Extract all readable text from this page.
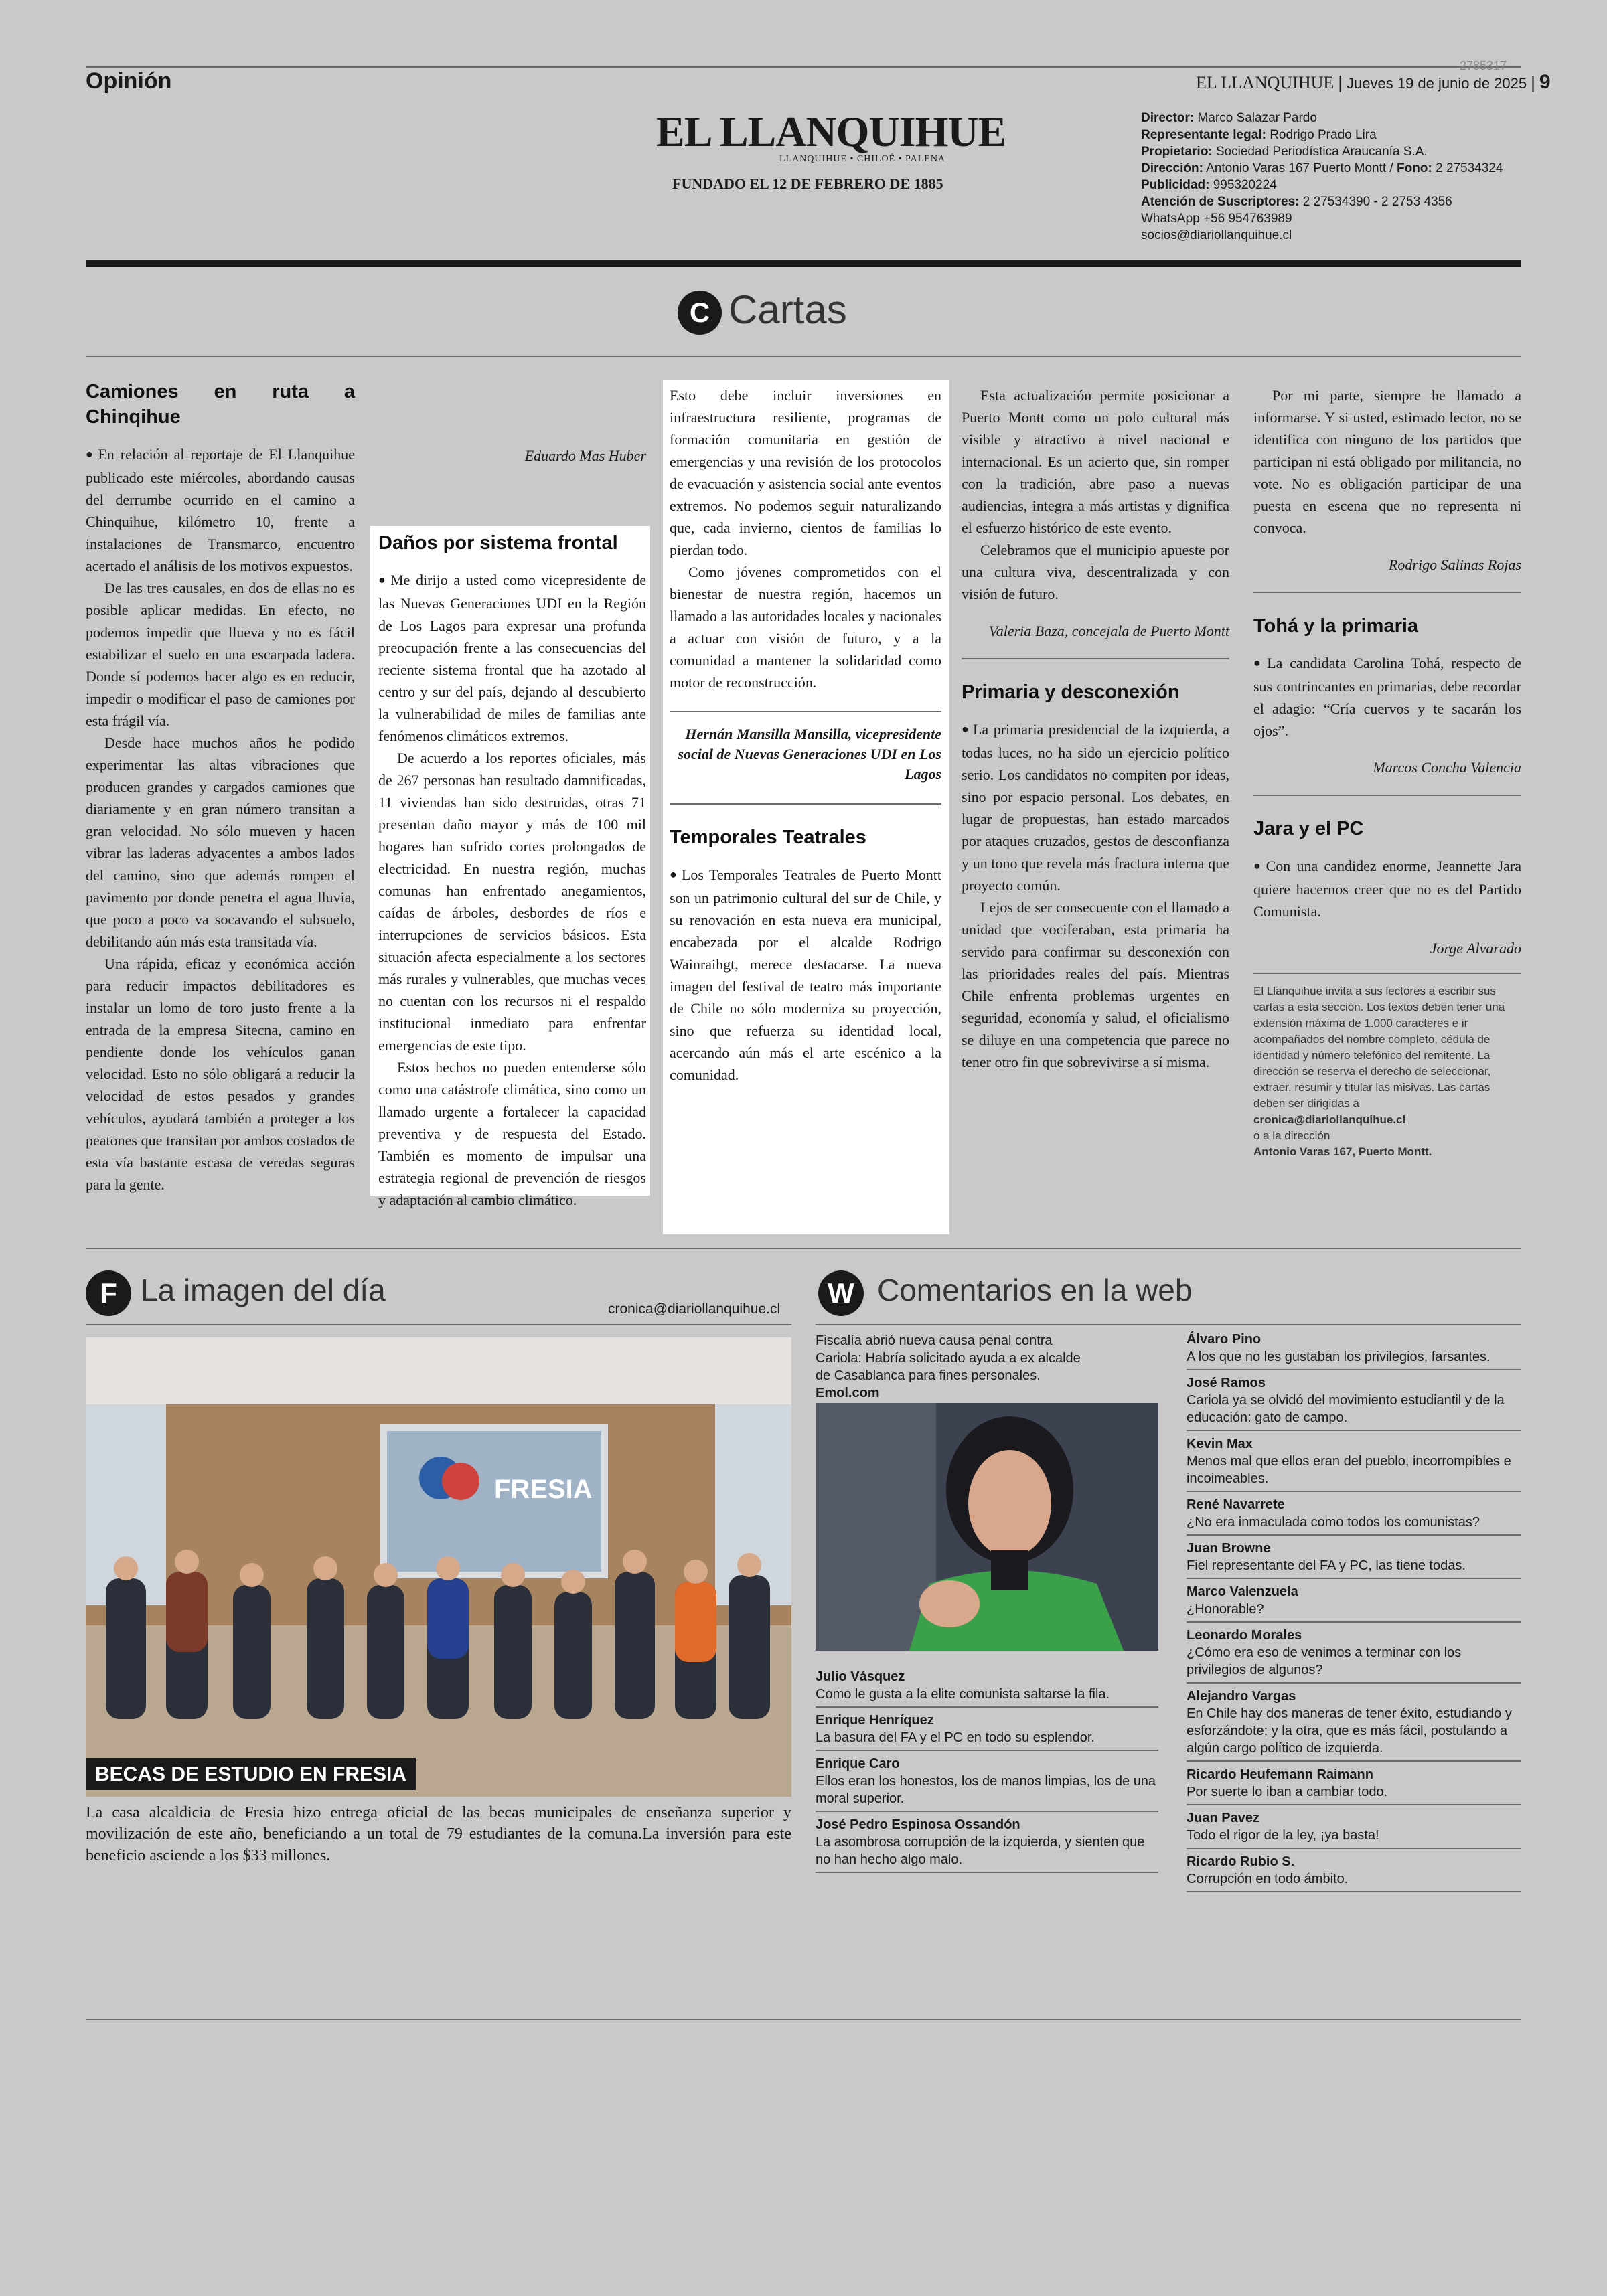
Opinión
2785317
EL LLANQUIHUE | Jueves 19 de junio de 2025 | 9
EL LLANQUIHUE
LLANQUIHUE • CHILOÉ • PALENA
FUNDADO EL 12 DE FEBRERO DE 1885
Director: Marco Salazar Pardo
Representante legal: Rodrigo Prado Lira
Propietario: Sociedad Periodística Araucanía S.A.
Dirección: Antonio Varas 167 Puerto Montt / Fono: 2 27534324
Publicidad: 995320224
Atención de Suscriptores: 2 27534390 - 2 2753 4356
WhatsApp +56 954763989
socios@diariollanquihue.cl
C Cartas
Camiones en ruta a Chinqihue

● En relación al reportaje de El Llanquihue publicado este miércoles, abordando causas del derrumbe ocurrido en el camino a Chinquihue, kilómetro 10, frente a instalaciones de Transmarco, encuentro acertado el análisis de los motivos expuestos.

De las tres causales, en dos de ellas no es posible aplicar medidas. En efecto, no podemos impedir que llueva y no es fácil estabilizar el suelo en una escarpada ladera. Donde sí podemos hacer algo es en reducir, impedir o modificar el paso de camiones por esta frágil vía.

Desde hace muchos años he podido experimentar las altas vibraciones que producen grandes y cargados camiones que diariamente y en gran número transitan a gran velocidad. No sólo mueven y hacen vibrar las laderas adyacentes a ambos lados del camino, sino que además rompen el pavimento por donde penetra el agua lluvia, que poco a poco va socavando el subsuelo, debilitando aún más esta transitada vía.

Una rápida, eficaz y económica acción para reducir impactos debilitadores es instalar un lomo de toro justo frente a la entrada de la empresa Sitecna, camino en pendiente donde los vehículos ganan velocidad. Esto no sólo obligará a reducir la velocidad de estos pesados y grandes vehículos, ayudará también a proteger a los peatones que transitan por ambos costados de esta vía bastante escasa de veredas seguras para la gente.

Eduardo Mas Huber
Daños por sistema frontal

● Me dirijo a usted como vicepresidente de las Nuevas Generaciones UDI en la Región de Los Lagos para expresar una profunda preocupación frente a las consecuencias del reciente sistema frontal que ha azotado al centro y sur del país, dejando al descubierto la vulnerabilidad de miles de familias ante fenómenos climáticos extremos.

De acuerdo a los reportes oficiales, más de 267 personas han resultado damnificadas, 11 viviendas han sido destruidas, otras 71 presentan daño mayor y más de 100 mil hogares han sufrido cortes prolongados de electricidad. En nuestra región, muchas comunas han enfrentado anegamientos, caídas de árboles, desbordes de ríos e interrupciones de servicios básicos. Esta situación afecta especialmente a los sectores más rurales y vulnerables, que muchas veces no cuentan con los recursos ni el respaldo institucional inmediato para enfrentar emergencias de este tipo.

Estos hechos no pueden entenderse sólo como una catástrofe climática, sino como un llamado urgente a fortalecer la capacidad preventiva y de respuesta del Estado. También es momento de impulsar una estrategia regional de prevención de riesgos y adaptación al cambio climático.

Esto debe incluir inversiones en infraestructura resiliente, programas de formación comunitaria en gestión de emergencias y una revisión de los protocolos de evacuación y asistencia social ante eventos extremos. No podemos seguir naturalizando que, cada invierno, cientos de familias lo pierdan todo.

Como jóvenes comprometidos con el bienestar de nuestra región, hacemos un llamado a las autoridades locales y nacionales a actuar con visión de futuro, y a la comunidad a mantener la solidaridad como motor de reconstrucción.

Hernán Mansilla Mansilla, vicepresidente social de Nuevas Generaciones UDI en Los Lagos
Temporales Teatrales

● Los Temporales Teatrales de Puerto Montt son un patrimonio cultural del sur de Chile, y su renovación en esta nueva era municipal, encabezada por el alcalde Rodrigo Wainraihgt, merece destacarse. La nueva imagen del festival de teatro más importante de Chile no sólo moderniza su proyección, sino que refuerza su identidad local, acercando aún más el arte escénico a la comunidad.

Esta actualización permite posicionar a Puerto Montt como un polo cultural más visible y atractivo a nivel nacional e internacional. Es un acierto que, sin romper con la tradición, abre paso a nuevas audiencias, integra a más artistas y dignifica el esfuerzo histórico de este evento.

Celebramos que el municipio apueste por una cultura viva, descentralizada y con visión de futuro.

Valeria Baza, concejala de Puerto Montt
Primaria y desconexión

● La primaria presidencial de la izquierda, a todas luces, no ha sido un ejercicio político serio. Los candidatos no compiten por ideas, sino por espacio personal. Los debates, en lugar de propuestas, han estado marcados por ataques cruzados, gestos de desconfianza y un tono que revela más fractura interna que proyecto común.

Lejos de ser consecuente con el llamado a unidad que vociferaban, esta primaria ha servido para confirmar su desconexión con las prioridades reales del país. Mientras Chile enfrenta problemas urgentes en seguridad, economía y salud, el oficialismo se diluye en una competencia que parece no tener otro fin que sobrevivirse a sí misma.

Por mi parte, siempre he llamado a informarse. Y si usted, estimado lector, no se identifica con ninguno de los partidos que participan ni está obligado por militancia, no vote. No es obligación participar de una puesta en escena que no representa ni convoca.

Rodrigo Salinas Rojas
Tohá y la primaria

● La candidata Carolina Tohá, respecto de sus contrincantes en primarias, debe recordar el adagio: “Cría cuervos y te sacarán los ojos”.

Marcos Concha Valencia
Jara y el PC

● Con una candidez enorme, Jeannette Jara quiere hacernos creer que no es del Partido Comunista.

Jorge Alvarado
El Llanquihue invita a sus lectores a escribir sus cartas a esta sección. Los textos deben tener una extensión máxima de 1.000 caracteres e ir acompañados del nombre completo, cédula de identidad y número telefónico del remitente. La dirección se reserva el derecho de seleccionar, extraer, resumir y titular las misivas. Las cartas deben ser dirigidas a
cronica@diariollanquihue.cl
o a la dirección
Antonio Varas 167, Puerto Montt.
F La imagen del día
cronica@diariollanquihue.cl
FRESIA
BECAS DE ESTUDIO EN FRESIA
La casa alcaldicia de Fresia hizo entrega oficial de las becas municipales de enseñanza superior y movilización de este año, beneficiando a un total de 79 estudiantes de la comuna.La inversión para este beneficio asciende a los $33 millones.
W Comentarios en la web
Fiscalía abrió nueva causa penal contra Cariola: Habría solicitado ayuda a ex alcalde de Casablanca para fines personales. Emol.com
Julio Vásquez
Como le gusta a la elite comunista saltarse la fila.
Enrique Henríquez
La basura del FA y el PC en todo su esplendor.
Enrique Caro
Ellos eran los honestos, los de manos limpias, los de una moral superior.
José Pedro Espinosa Ossandón
La asombrosa corrupción de la izquierda, y sienten que no han hecho algo malo.
Álvaro Pino
A los que no les gustaban los privilegios, farsantes.
José Ramos
Cariola ya se olvidó del movimiento estudiantil y de la educación: gato de campo.
Kevin Max
Menos mal que ellos eran del pueblo, incorrompibles e incoimeables.
René Navarrete
¿No era inmaculada como todos los comunistas?
Juan Browne
Fiel representante del FA y PC, las tiene todas.
Marco Valenzuela
¿Honorable?
Leonardo Morales
¿Cómo era eso de venimos a terminar con los privilegios de algunos?
Alejandro Vargas
En Chile hay dos maneras de tener éxito, estudiando y esforzándote; y la otra, que es más fácil, postulando a algún cargo político de izquierda.
Ricardo Heufemann Raimann
Por suerte lo iban a cambiar todo.
Juan Pavez
Todo el rigor de la ley, ¡ya basta!
Ricardo Rubio S.
Corrupción en todo ámbito.
